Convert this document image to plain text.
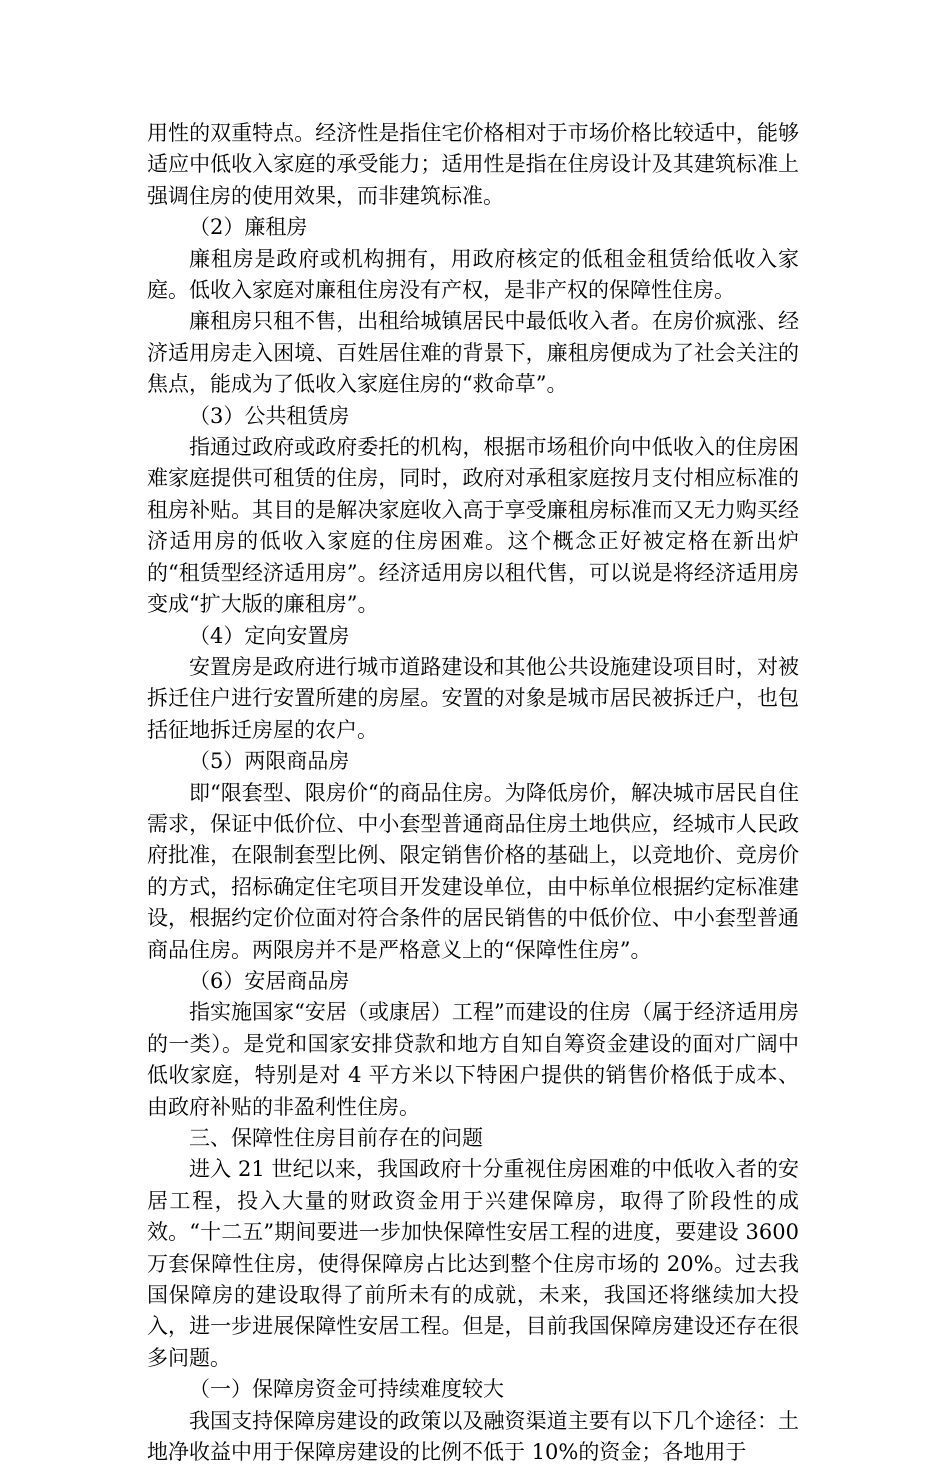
用性的双重特点。经济性是指住宅价格相对于市场价格比较适中，能够适应中低收入家庭的承受能力；适用性是指在住房设计及其建筑标准上强调住房的使用效果，而非建筑标准。

（2）廉租房

廉租房是政府或机构拥有，用政府核定的低租金租赁给低收入家庭。低收入家庭对廉租住房没有产权，是非产权的保障性住房。

廉租房只租不售，出租给城镇居民中最低收入者。在房价疯涨、经济适用房走入困境、百姓居住难的背景下，廉租房便成为了社会关注的焦点，能成为了低收入家庭住房的“救命草”。

（3）公共租赁房

指通过政府或政府委托的机构，根据市场租价向中低收入的住房困难家庭提供可租赁的住房，同时，政府对承租家庭按月支付相应标准的租房补贴。其目的是解决家庭收入高于享受廉租房标准而又无力购买经济适用房的低收入家庭的住房困难。这个概念正好被定格在新出炉的“租赁型经济适用房”。经济适用房以租代售，可以说是将经济适用房变成“扩大版的廉租房”。

（4）定向安置房

安置房是政府进行城市道路建设和其他公共设施建设项目时，对被拆迁住户进行安置所建的房屋。安置的对象是城市居民被拆迁户，也包括征地拆迁房屋的农户。

（5）两限商品房

即“限套型、限房价“的商品住房。为降低房价，解决城市居民自住需求，保证中低价位、中小套型普通商品住房土地供应，经城市人民政府批准，在限制套型比例、限定销售价格的基础上，以竞地价、竞房价的方式，招标确定住宅项目开发建设单位，由中标单位根据约定标准建设，根据约定价位面对符合条件的居民销售的中低价位、中小套型普通商品住房。两限房并不是严格意义上的“保障性住房”。

（6）安居商品房

指实施国家“安居（或康居）工程”而建设的住房（属于经济适用房的一类）。是党和国家安排贷款和地方自知自筹资金建设的面对广阔中低收家庭，特别是对 4 平方米以下特困户提供的销售价格低于成本、由政府补贴的非盈利性住房。

三、保障性住房目前存在的问题

进入 21 世纪以来，我国政府十分重视住房困难的中低收入者的安居工程，投入大量的财政资金用于兴建保障房，取得了阶段性的成效。“十二五”期间要进一步加快保障性安居工程的进度，要建设 3600 万套保障性住房，使得保障房占比达到整个住房市场的 20%。过去我国保障房的建设取得了前所未有的成就，未来，我国还将继续加大投入，进一步进展保障性安居工程。但是，目前我国保障房建设还存在很多问题。

（一）保障房资金可持续难度较大

我国支持保障房建设的政策以及融资渠道主要有以下几个途径：土地净收益中用于保障房建设的比例不低于 10%的资金；各地用于
